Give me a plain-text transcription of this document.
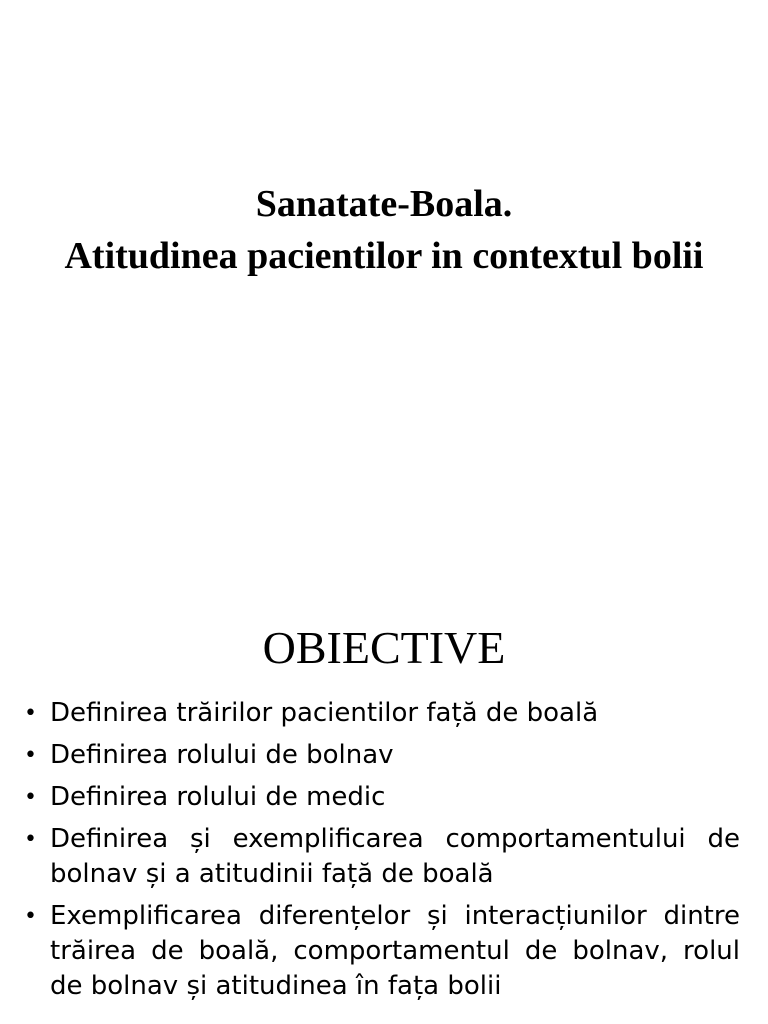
Sanatate-Boala.
Atitudinea pacientilor in contextul bolii
OBIECTIVE
• Definirea trăirilor pacientilor față de boală
• Definirea rolului de bolnav
• Definirea rolului de medic
• Definirea și exemplificarea comportamentului de bolnav și a atitudinii față de boală
• Exemplificarea diferențelor și interacțiunilor dintre trăirea de boală, comportamentul de bolnav, rolul de bolnav și atitudinea în fața bolii
